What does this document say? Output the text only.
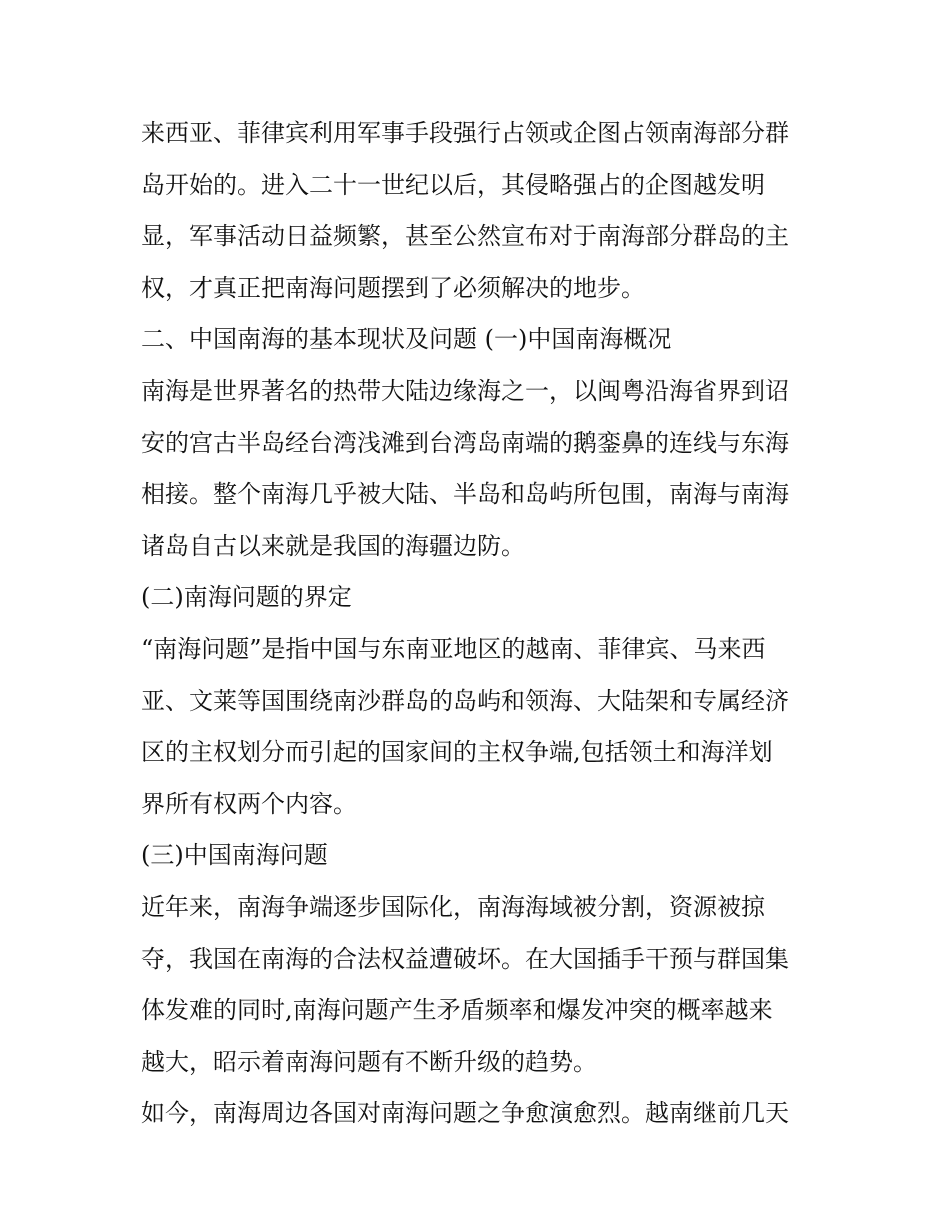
来西亚、菲律宾利用军事手段强行占领或企图占领南海部分群
岛开始的。进入二十一世纪以后，其侵略强占的企图越发明
显，军事活动日益频繁，甚至公然宣布对于南海部分群岛的主
权，才真正把南海问题摆到了必须解决的地步。
二、中国南海的基本现状及问题 (一)中国南海概况
南海是世界著名的热带大陆边缘海之一，以闽粤沿海省界到诏
安的宫古半岛经台湾浅滩到台湾岛南端的鹅銮鼻的连线与东海
相接。整个南海几乎被大陆、半岛和岛屿所包围，南海与南海
诸岛自古以来就是我国的海疆边防。
(二)南海问题的界定
“南海问题”是指中国与东南亚地区的越南、菲律宾、马来西
亚、文莱等国围绕南沙群岛的岛屿和领海、大陆架和专属经济
区的主权划分而引起的国家间的主权争端,包括领土和海洋划
界所有权两个内容。
(三)中国南海问题
近年来，南海争端逐步国际化，南海海域被分割，资源被掠
夺，我国在南海的合法权益遭破坏。在大国插手干预与群国集
体发难的同时,南海问题产生矛盾频率和爆发冲突的概率越来
越大，昭示着南海问题有不断升级的趋势。
如今，南海周边各国对南海问题之争愈演愈烈。越南继前几天
